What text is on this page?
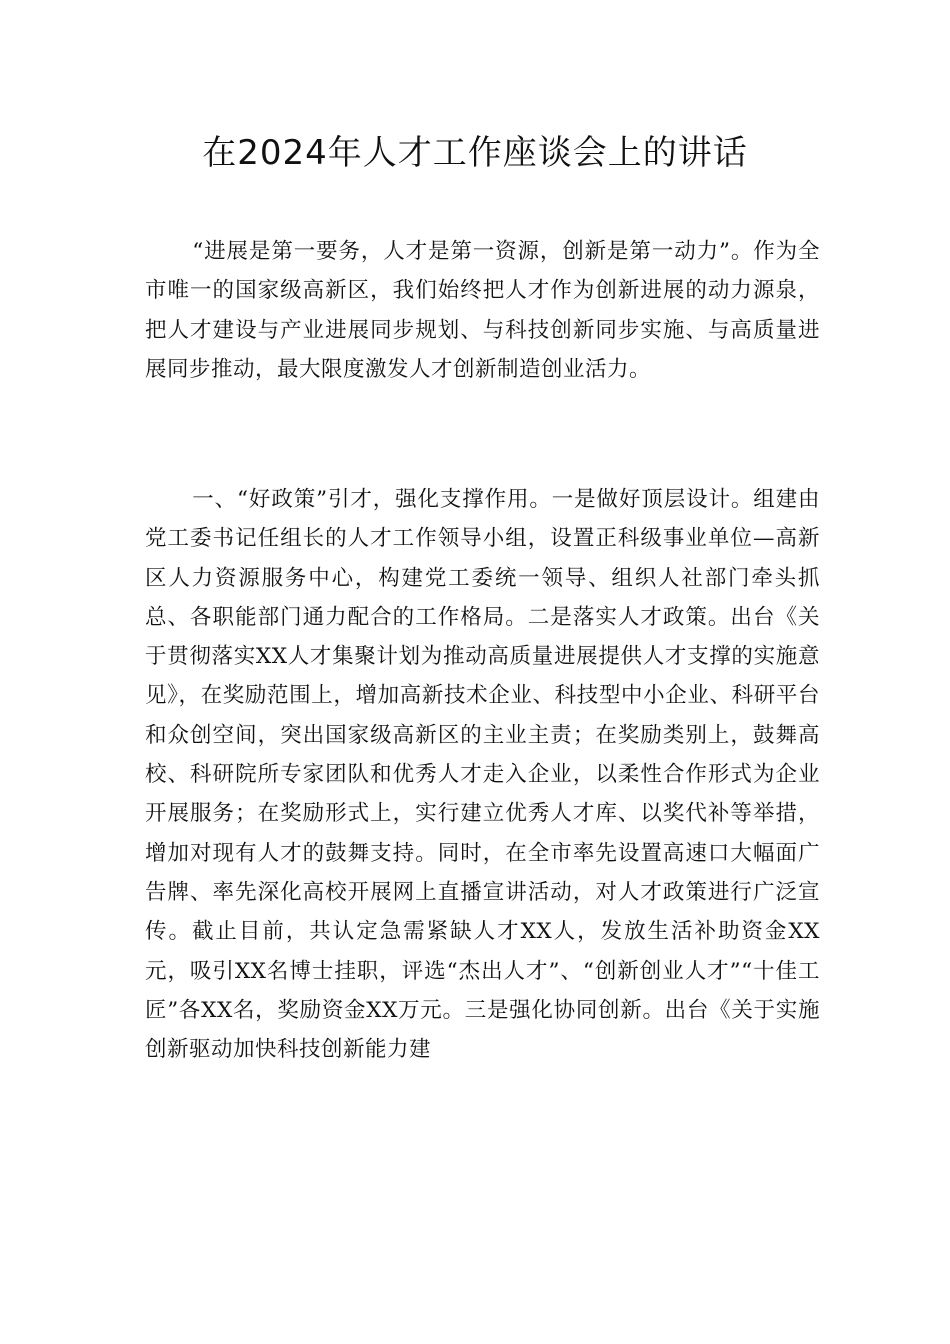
在2024年人才工作座谈会上的讲话

“进展是第一要务，人才是第一资源，创新是第一动力”。作为全市唯一的国家级高新区，我们始终把人才作为创新进展的动力源泉，把人才建设与产业进展同步规划、与科技创新同步实施、与高质量进展同步推动，最大限度激发人才创新制造创业活力。

一、“好政策”引才，强化支撑作用。一是做好顶层设计。组建由党工委书记任组长的人才工作领导小组，设置正科级事业单位—高新区人力资源服务中心，构建党工委统一领导、组织人社部门牵头抓总、各职能部门通力配合的工作格局。二是落实人才政策。出台《关于贯彻落实XX人才集聚计划为推动高质量进展提供人才支撑的实施意见》，在奖励范围上，增加高新技术企业、科技型中小企业、科研平台和众创空间，突出国家级高新区的主业主责；在奖励类别上，鼓舞高校、科研院所专家团队和优秀人才走入企业，以柔性合作形式为企业开展服务；在奖励形式上，实行建立优秀人才库、以奖代补等举措，增加对现有人才的鼓舞支持。同时，在全市率先设置高速口大幅面广告牌、率先深化高校开展网上直播宣讲活动，对人才政策进行广泛宣传。截止目前，共认定急需紧缺人才XX人，发放生活补助资金XX元，吸引XX名博士挂职，评选“杰出人才”、“创新创业人才”“十佳工匠”各XX名，奖励资金XX万元。三是强化协同创新。出台《关于实施创新驱动加快科技创新能力建
